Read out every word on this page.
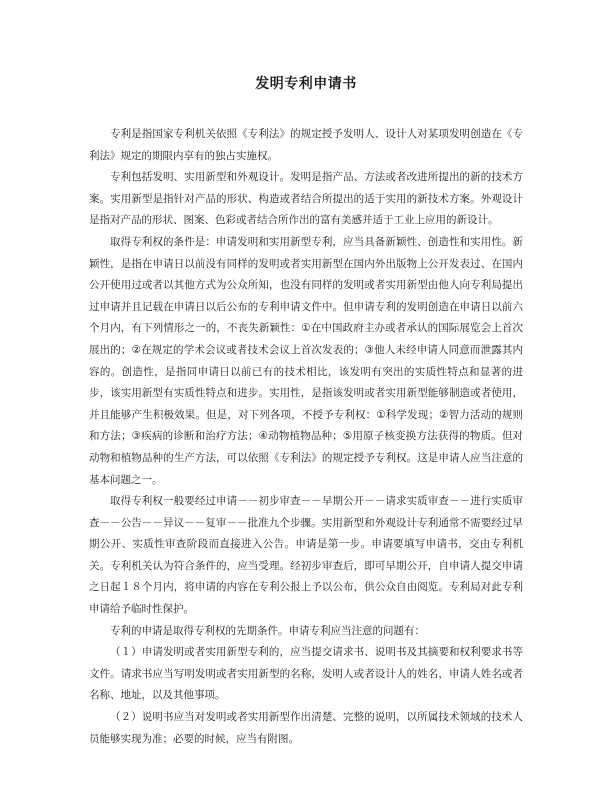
发明专利申请书

专利是指国家专利机关依照《专利法》的规定授予发明人、设计人对某项发明创造在《专利法》规定的期限内享有的独占实施权。

专利包括发明、实用新型和外观设计。发明是指产品、方法或者改进所提出的新的技术方案。实用新型是指针对产品的形状、构造或者结合所提出的适于实用的新技术方案。外观设计是指对产品的形状、图案、色彩或者结合所作出的富有美感并适于工业上应用的新设计。

取得专利权的条件是：申请发明和实用新型专利，应当具备新颖性、创造性和实用性。新颖性，是指在申请日以前没有同样的发明或者实用新型在国内外出版物上公开发表过、在国内公开使用过或者以其他方式为公众所知，也没有同样的发明或者实用新型由他人向专利局提出过申请并且记载在申请日以后公布的专利申请文件中。但申请专利的发明创造在申请日以前六个月内，有下列情形之一的，不丧失新颖性：①在中国政府主办或者承认的国际展览会上首次展出的；②在规定的学术会议或者技术会议上首次发表的；③他人未经申请人同意而泄露其内容的。创造性，是指同申请日以前已有的技术相比，该发明有突出的实质性特点和显著的进步，该实用新型有实质性特点和进步。实用性，是指该发明或者实用新型能够制造或者使用，并且能够产生积极效果。但是，对下列各项，不授予专利权：①科学发现；②智力活动的规则和方法；③疾病的诊断和治疗方法；④动物植物品种；⑤用原子核变换方法获得的物质。但对动物和植物品种的生产方法，可以依照《专利法》的规定授予专利权。这是申请人应当注意的基本问题之一。

取得专利权一般要经过申请－－初步审查－－早期公开－－请求实质审查－－进行实质审查－－公告－－异议－－复审－－批准九个步骤。实用新型和外观设计专利通常不需要经过早期公开、实质性审查阶段而直接进入公告。申请是第一步。申请要填写申请书，交由专利机关。专利机关认为符合条件的，应当受理。经初步审查后，即可早期公开，自申请人提交申请之日起１８个月内，将申请的内容在专利公报上予以公布，供公众自由阅览。专利局对此专利申请给予临时性保护。

专利的申请是取得专利权的先期条件。申请专利应当注意的问题有：

（１）申请发明或者实用新型专利的，应当提交请求书、说明书及其摘要和权利要求书等文件。请求书应当写明发明或者实用新型的名称，发明人或者设计人的姓名，申请人姓名或者名称、地址，以及其他事项。

（２）说明书应当对发明或者实用新型作出清楚、完整的说明，以所属技术领域的技术人员能够实现为准；必要的时候，应当有附图。
